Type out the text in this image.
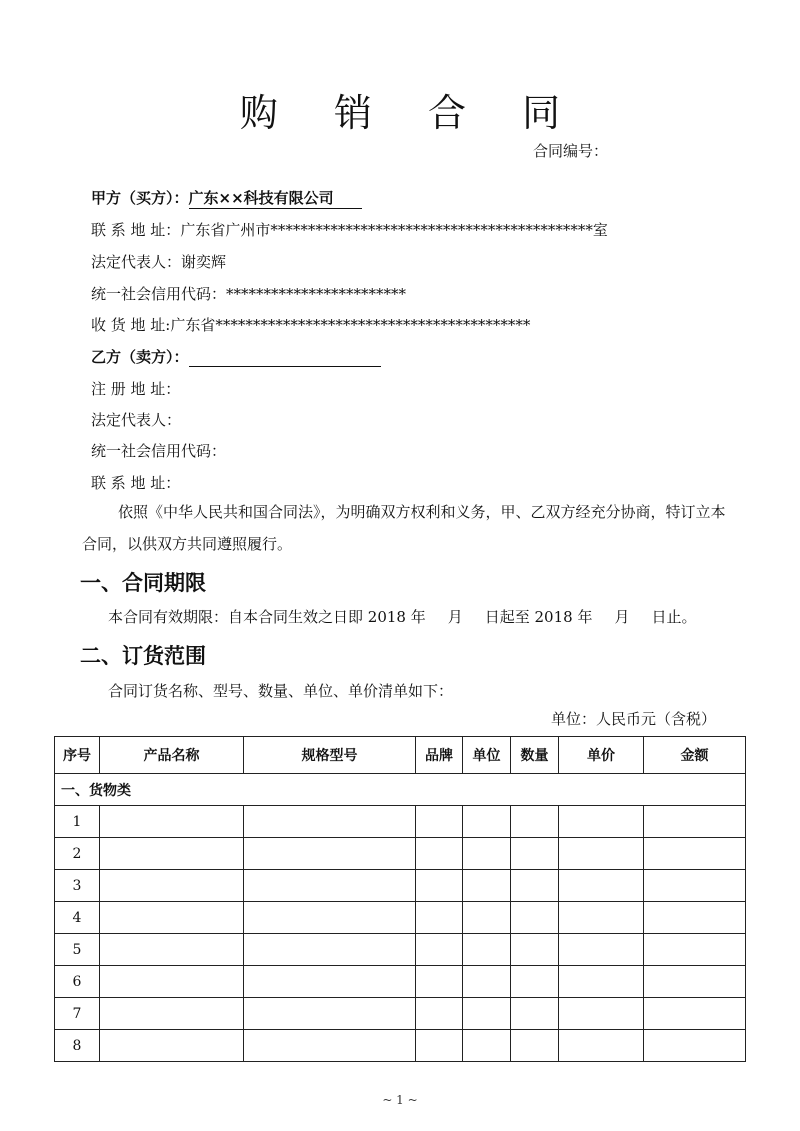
购 销 合 同
合同编号：
甲方（买方）：广东××科技有限公司
联 系 地 址：广东省广州市*******************************************室
法定代表人：谢奕辉
统一社会信用代码：************************
收 货 地 址:广东省******************************************
乙方（卖方）：
注 册 地 址：
法定代表人：
统一社会信用代码：
联 系 地 址：
依照《中华人民共和国合同法》，为明确双方权利和义务，甲、乙双方经充分协商，特订立本合同，以供双方共同遵照履行。
一、合同期限
本合同有效期限：自本合同生效之日即 2018 年 月 日起至 2018 年 月 日止。
二、订货范围
合同订货名称、型号、数量、单位、单价清单如下：
单位：人民币元（含税）
序号	产品名称	规格型号	品牌	单位	数量	单价	金额
一、货物类							
1							
2							
3							
4							
5							
6							
7							
8							
~ 1 ~
